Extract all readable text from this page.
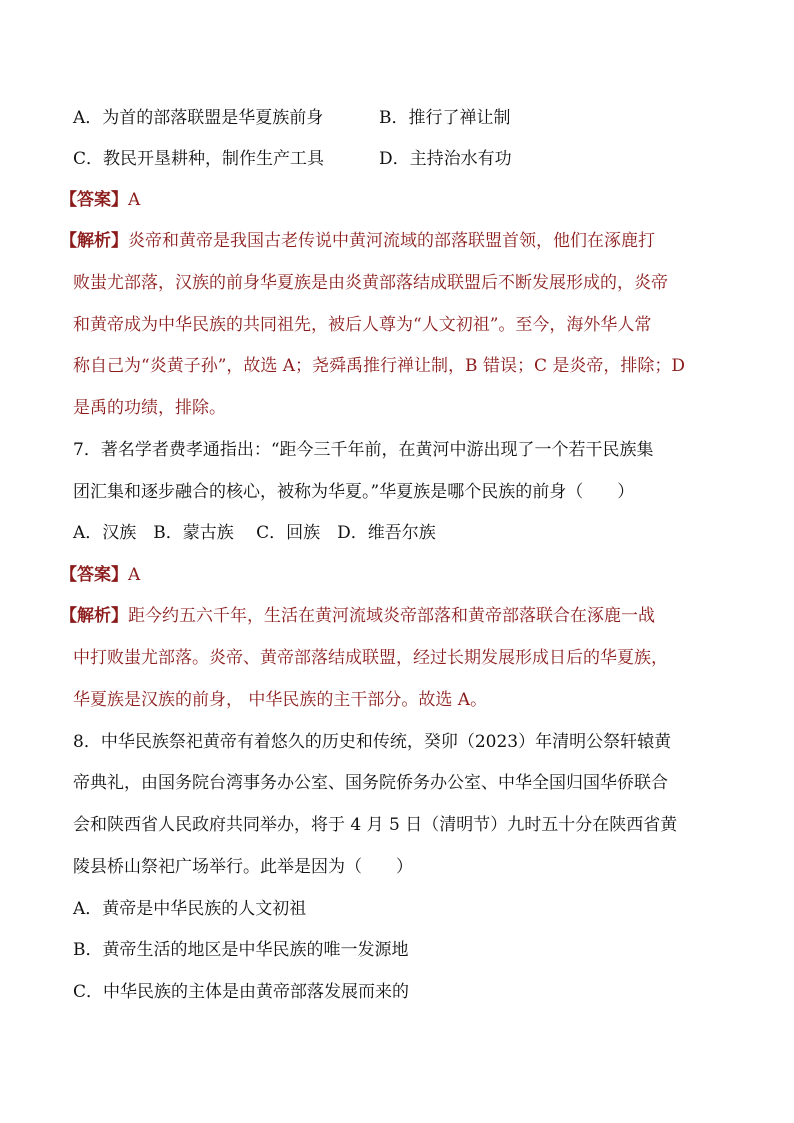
A．为首的部落联盟是华夏族前身	B．推行了禅让制
C．教民开垦耕种，制作生产工具	D．主持治水有功
【答案】A
【解析】炎帝和黄帝是我国古老传说中黄河流域的部落联盟首领，他们在涿鹿打
败蚩尤部落，汉族的前身华夏族是由炎黄部落结成联盟后不断发展形成的，炎帝
和黄帝成为中华民族的共同祖先，被后人尊为“人文初祖”。至今，海外华人常
称自己为“炎黄子孙”，故选 A；尧舜禹推行禅让制，B 错误；C 是炎帝，排除；D
是禹的功绩，排除。
7．著名学者费孝通指出：“距今三千年前，在黄河中游出现了一个若干民族集
团汇集和逐步融合的核心，被称为华夏。”华夏族是哪个民族的前身（　　）
A．汉族　B．蒙古族　 C．回族　D．维吾尔族
【答案】A
【解析】距今约五六千年，生活在黄河流域炎帝部落和黄帝部落联合在涿鹿一战
中打败蚩尤部落。炎帝、黄帝部落结成联盟，经过长期发展形成日后的华夏族，
华夏族是汉族的前身， 中华民族的主干部分。故选 A。
8．中华民族祭祀黄帝有着悠久的历史和传统，癸卯（2023）年清明公祭轩辕黄
帝典礼，由国务院台湾事务办公室、国务院侨务办公室、中华全国归国华侨联合
会和陕西省人民政府共同举办，将于 4 月 5 日（清明节）九时五十分在陕西省黄
陵县桥山祭祀广场举行。此举是因为（　　）
A．黄帝是中华民族的人文初祖
B．黄帝生活的地区是中华民族的唯一发源地
C．中华民族的主体是由黄帝部落发展而来的
